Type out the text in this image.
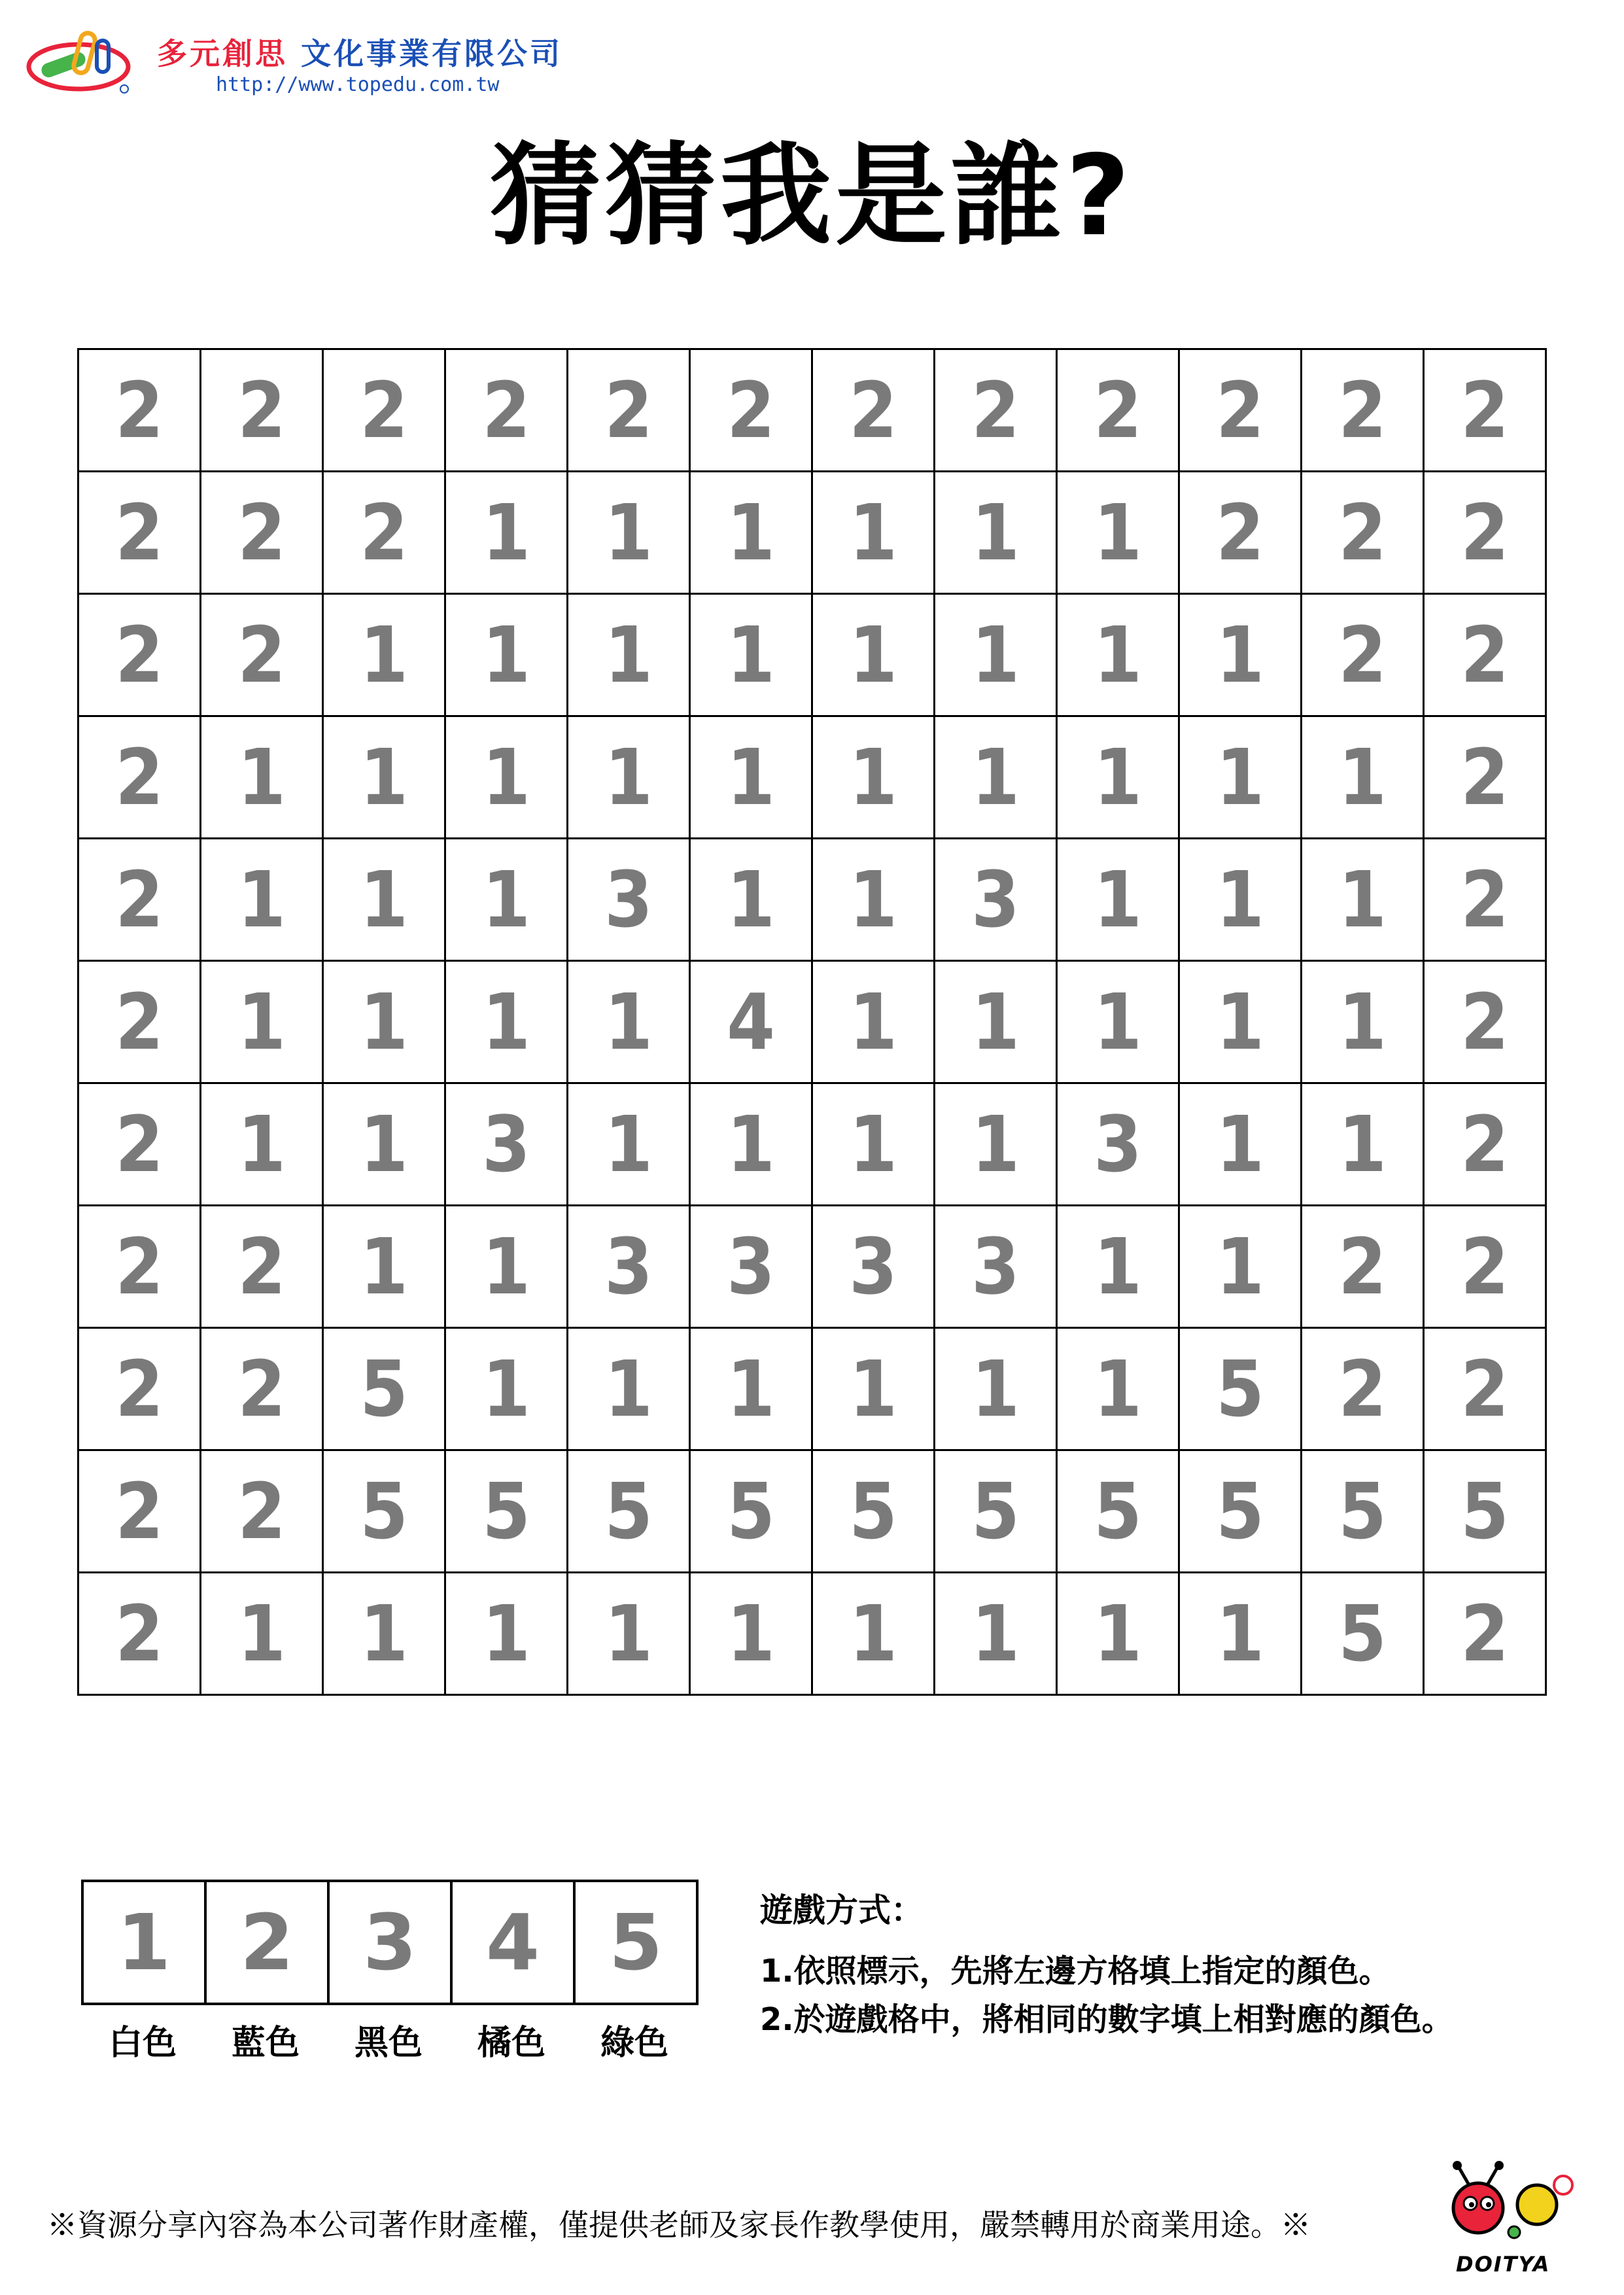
多元創思 文化事業有限公司
http://www.topedu.com.tw
猜猜我是誰?
2	2	2	2	2	2	2	2	2	2	2	2
2	2	2	1	1	1	1	1	1	2	2	2
2	2	1	1	1	1	1	1	1	1	2	2
2	1	1	1	1	1	1	1	1	1	1	2
2	1	1	1	3	1	1	3	1	1	1	2
2	1	1	1	1	4	1	1	1	1	1	2
2	1	1	3	1	1	1	1	3	1	1	2
2	2	1	1	3	3	3	3	1	1	2	2
2	2	5	1	1	1	1	1	1	5	2	2
2	2	5	5	5	5	5	5	5	5	5	5
2	1	1	1	1	1	1	1	1	1	5	2
1	2	3	4	5
白色	藍色	黑色	橘色	綠色
遊戲方式：
1.依照標示，先將左邊方格填上指定的顏色。
2.於遊戲格中，將相同的數字填上相對應的顏色。
※資源分享內容為本公司著作財產權，僅提供老師及家長作教學使用，嚴禁轉用於商業用途。※
DOITYA
